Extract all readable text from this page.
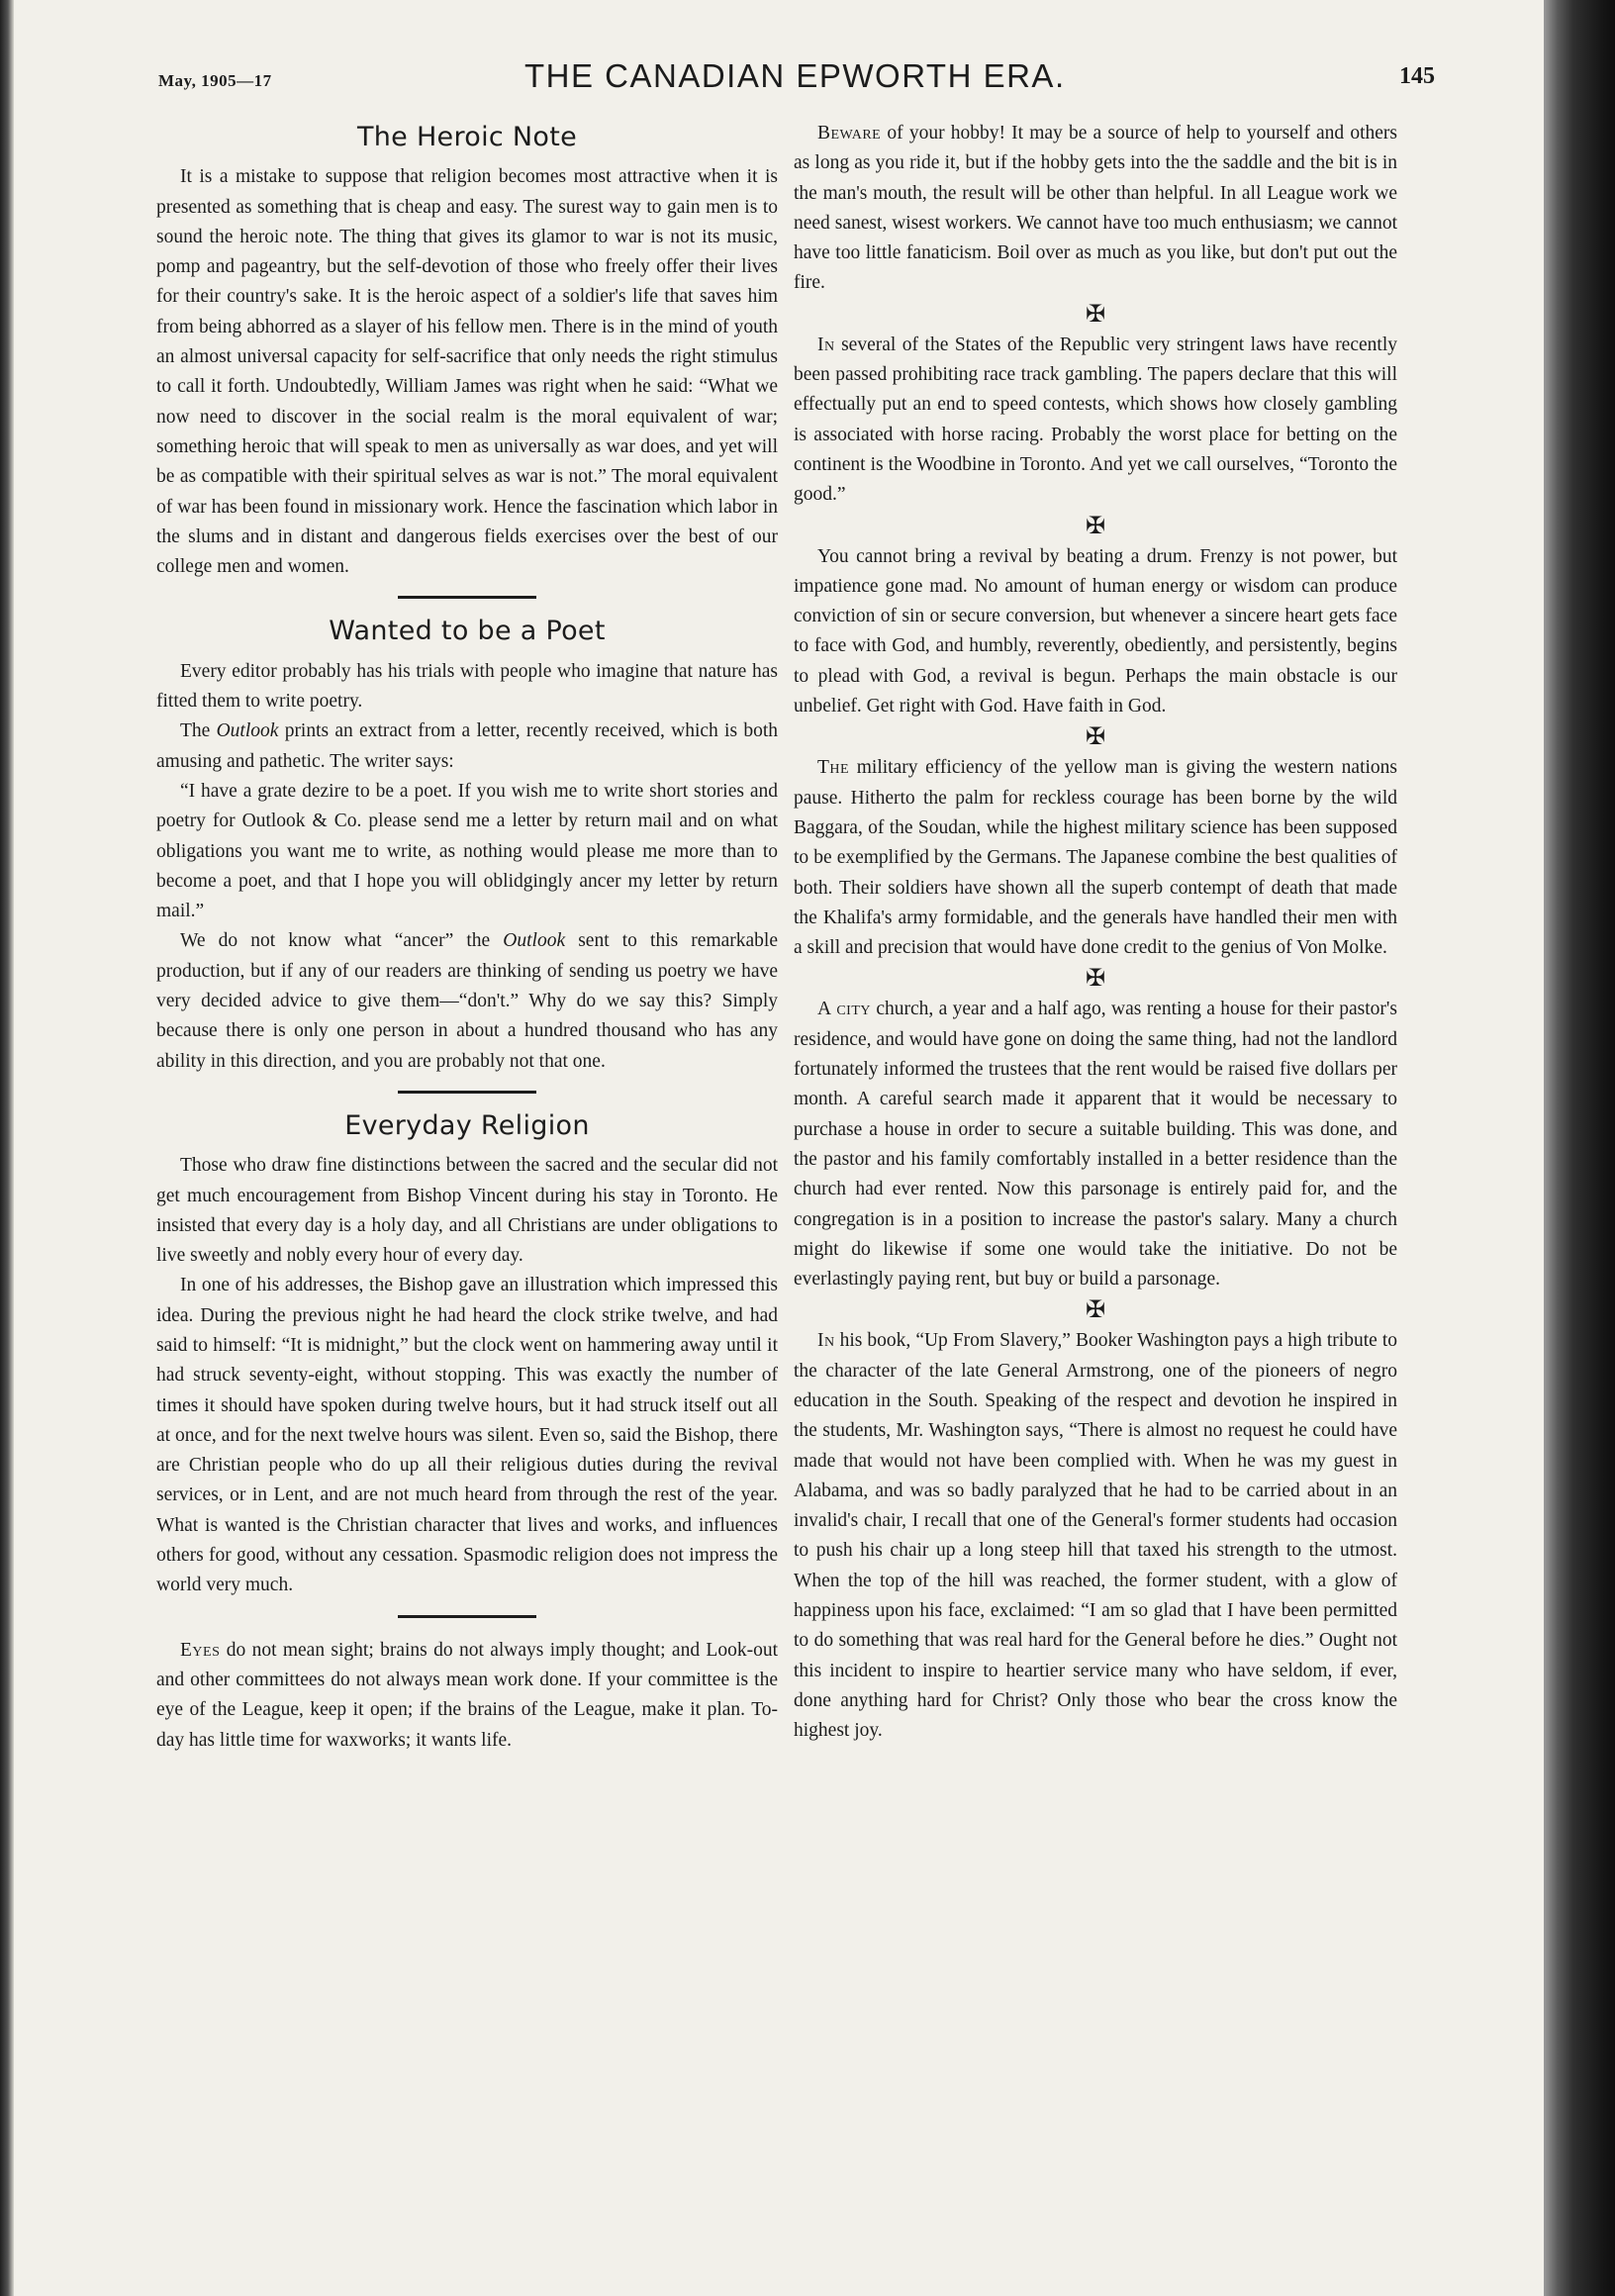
May, 1905—17	THE CANADIAN EPWORTH ERA.	145
The Heroic Note

It is a mistake to suppose that religion becomes most attractive when it is presented as something that is cheap and easy. The surest way to gain men is to sound the heroic note. The thing that gives its glamor to war is not its music, pomp and pageantry, but the self-devotion of those who freely offer their lives for their country's sake. It is the heroic aspect of a soldier's life that saves him from being abhorred as a slayer of his fellow men. There is in the mind of youth an almost universal capacity for self-sacrifice that only needs the right stimulus to call it forth. Undoubtedly, William James was right when he said: “What we now need to discover in the social realm is the moral equivalent of war; something heroic that will speak to men as universally as war does, and yet will be as compatible with their spiritual selves as war is not.” The moral equivalent of war has been found in missionary work. Hence the fascination which labor in the slums and in distant and dangerous fields exercises over the best of our college men and women.

Wanted to be a Poet

Every editor probably has his trials with people who imagine that nature has fitted them to write poetry.

The Outlook prints an extract from a letter, recently received, which is both amusing and pathetic. The writer says:

“I have a grate dezire to be a poet. If you wish me to write short stories and poetry for Outlook & Co. please send me a letter by return mail and on what obligations you want me to write, as nothing would please me more than to become a poet, and that I hope you will oblidgingly ancer my letter by return mail.”

We do not know what “ancer” the Outlook sent to this remarkable production, but if any of our readers are thinking of sending us poetry we have very decided advice to give them—“don't.” Why do we say this? Simply because there is only one person in about a hundred thousand who has any ability in this direction, and you are probably not that one.

Everyday Religion

Those who draw fine distinctions between the sacred and the secular did not get much encouragement from Bishop Vincent during his stay in Toronto. He insisted that every day is a holy day, and all Christians are under obligations to live sweetly and nobly every hour of every day.

In one of his addresses, the Bishop gave an illustration which impressed this idea. During the previous night he had heard the clock strike twelve, and had said to himself: “It is midnight,” but the clock went on hammering away until it had struck seventy-eight, without stopping. This was exactly the number of times it should have spoken during twelve hours, but it had struck itself out all at once, and for the next twelve hours was silent. Even so, said the Bishop, there are Christian people who do up all their religious duties during the revival services, or in Lent, and are not much heard from through the rest of the year. What is wanted is the Christian character that lives and works, and influences others for good, without any cessation. Spasmodic religion does not impress the world very much.

Eyes do not mean sight; brains do not always imply thought; and Look-out and other committees do not always mean work done. If your committee is the eye of the League, keep it open; if the brains of the League, make it plan. To-day has little time for waxworks; it wants life.

Beware of your hobby! It may be a source of help to yourself and others as long as you ride it, but if the hobby gets into the the saddle and the bit is in the man's mouth, the result will be other than helpful. In all League work we need sanest, wisest workers. We cannot have too much enthusiasm; we cannot have too little fanaticism. Boil over as much as you like, but don't put out the fire.

✠

In several of the States of the Republic very stringent laws have recently been passed prohibiting race track gambling. The papers declare that this will effectually put an end to speed contests, which shows how closely gambling is associated with horse racing. Probably the worst place for betting on the continent is the Woodbine in Toronto. And yet we call ourselves, “Toronto the good.”

✠

You cannot bring a revival by beating a drum. Frenzy is not power, but impatience gone mad. No amount of human energy or wisdom can produce conviction of sin or secure conversion, but whenever a sincere heart gets face to face with God, and humbly, reverently, obediently, and persistently, begins to plead with God, a revival is begun. Perhaps the main obstacle is our unbelief. Get right with God. Have faith in God.

✠

The military efficiency of the yellow man is giving the western nations pause. Hitherto the palm for reckless courage has been borne by the wild Baggara, of the Soudan, while the highest military science has been supposed to be exemplified by the Germans. The Japanese combine the best qualities of both. Their soldiers have shown all the superb contempt of death that made the Khalifa's army formidable, and the generals have handled their men with a skill and precision that would have done credit to the genius of Von Molke.

✠

A city church, a year and a half ago, was renting a house for their pastor's residence, and would have gone on doing the same thing, had not the landlord fortunately informed the trustees that the rent would be raised five dollars per month. A careful search made it apparent that it would be necessary to purchase a house in order to secure a suitable building. This was done, and the pastor and his family comfortably installed in a better residence than the church had ever rented. Now this parsonage is entirely paid for, and the congregation is in a position to increase the pastor's salary. Many a church might do likewise if some one would take the initiative. Do not be everlastingly paying rent, but buy or build a parsonage.

✠

In his book, “Up From Slavery,” Booker Washington pays a high tribute to the character of the late General Armstrong, one of the pioneers of negro education in the South. Speaking of the respect and devotion he inspired in the students, Mr. Washington says, “There is almost no request he could have made that would not have been complied with. When he was my guest in Alabama, and was so badly paralyzed that he had to be carried about in an invalid's chair, I recall that one of the General's former students had occasion to push his chair up a long steep hill that taxed his strength to the utmost. When the top of the hill was reached, the former student, with a glow of happiness upon his face, exclaimed: “I am so glad that I have been permitted to do something that was real hard for the General before he dies.” Ought not this incident to inspire to heartier service many who have seldom, if ever, done anything hard for Christ? Only those who bear the cross know the highest joy.
